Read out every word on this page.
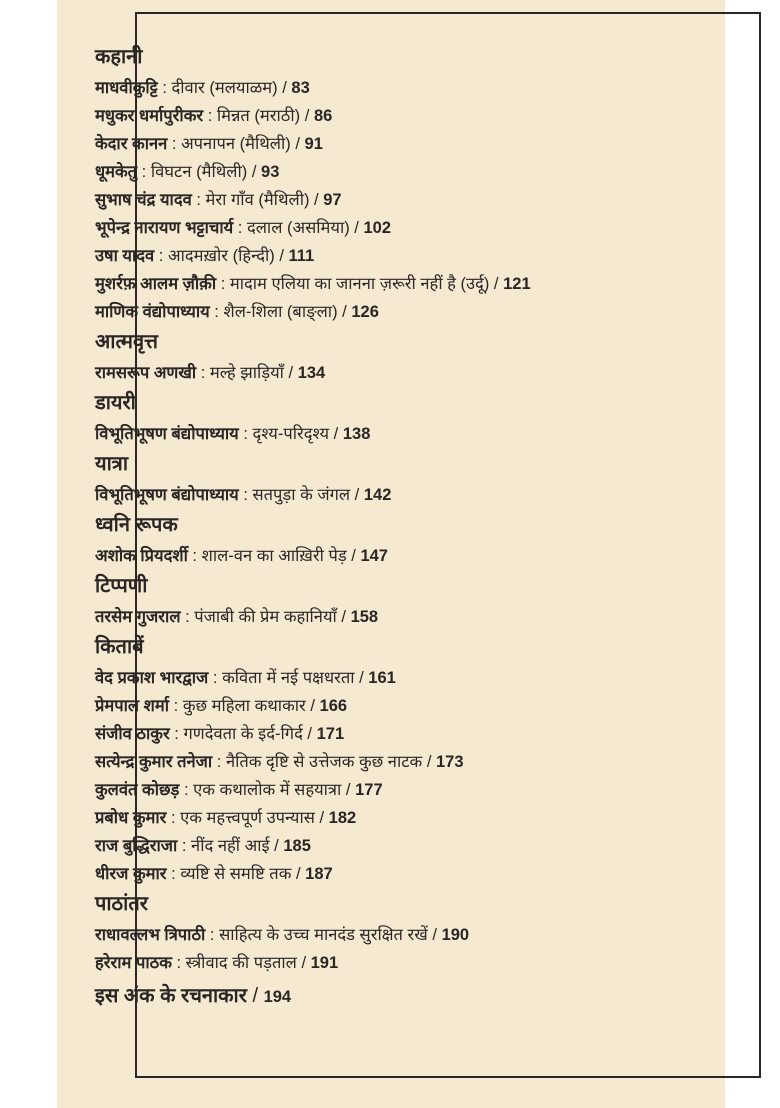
कहानी
माधवीकुट्टि : दीवार (मलयाळम) / 83
मधुकर धर्मापुरीकर : मिन्नत (मराठी) / 86
केदार कानन : अपनापन (मैथिली) / 91
धूमकेतु : विघटन (मैथिली) / 93
सुभाष चंद्र यादव : मेरा गाँव (मैथिली) / 97
भूपेन्द्र नारायण भट्टाचार्य : दलाल (असमिया) / 102
उषा यादव : आदमख़ोर (हिन्दी) / 111
मुशर्रफ़ आलम ज़ौक़ी : मादाम एलिया का जानना ज़रूरी नहीं है (उर्दू) / 121
माणिक वंद्योपाध्याय : शैल-शिला (बाङ्ला) / 126
आत्मवृत्त
रामसरूप अणखी : मल्हे झाड़ियाँ / 134
डायरी
विभूतिभूषण बंद्योपाध्याय : दृश्य-परिदृश्य / 138
यात्रा
विभूतिभूषण बंद्योपाध्याय : सतपुड़ा के जंगल / 142
ध्वनि रूपक
अशोक प्रियदर्शी : शाल-वन का आख़िरी पेड़ / 147
टिप्पणी
तरसेम गुजराल : पंजाबी की प्रेम कहानियाँ / 158
किताबें
वेद प्रकाश भारद्वाज : कविता में नई पक्षधरता / 161
प्रेमपाल शर्मा : कुछ महिला कथाकार / 166
संजीव ठाकुर : गणदेवता के इर्द-गिर्द / 171
सत्येन्द्र कुमार तनेजा : नैतिक दृष्टि से उत्तेजक कुछ नाटक / 173
कुलवंत कोछड़ : एक कथालोक में सहयात्रा / 177
प्रबोध कुमार : एक महत्त्वपूर्ण उपन्यास / 182
राज बुद्धिराजा : नींद नहीं आई / 185
धीरज कुमार : व्यष्टि से समष्टि तक / 187
पाठांतर
राधावल्लभ त्रिपाठी : साहित्य के उच्च मानदंड सुरक्षित रखें / 190
हरेराम पाठक : स्त्रीवाद की पड़ताल / 191
इस अंक के रचनाकार / 194
